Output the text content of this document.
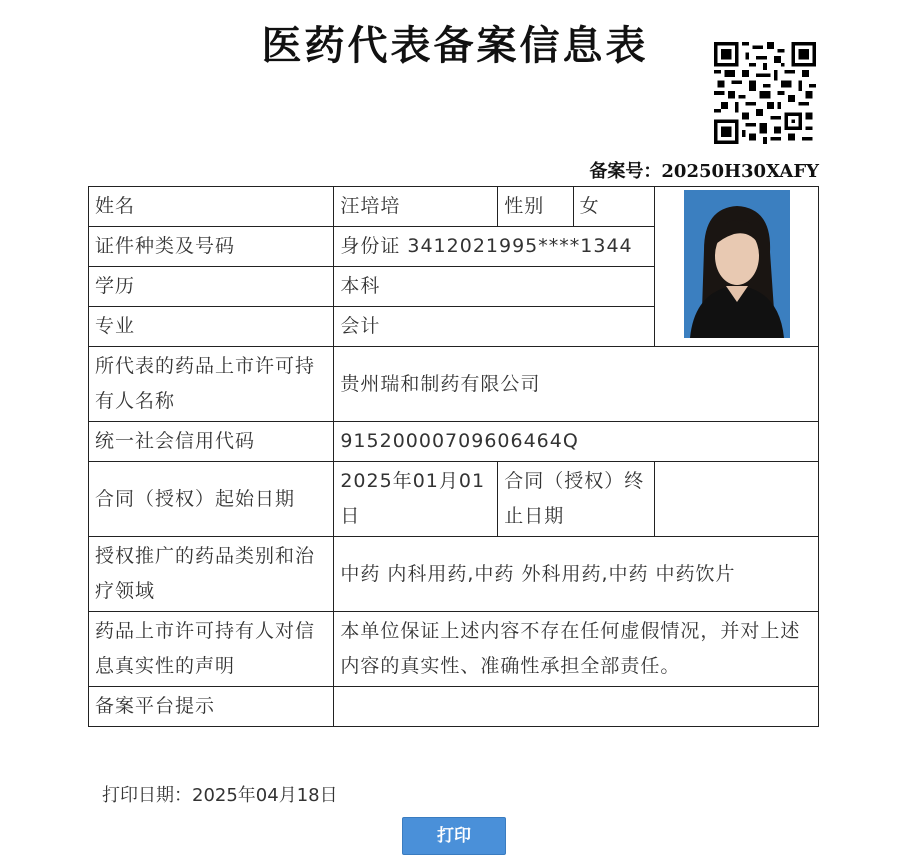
医药代表备案信息表
备案号：20250H30XAFY
姓名	汪培培	性别	女	

证件种类及号码	身份证 3412021995****1344			
学历	本科			
专业	会计			
所代表的药品上市许可持有人名称	贵州瑞和制药有限公司			
统一社会信用代码	91520000709606464Q			
合同（授权）起始日期	2025年01月01日	合同（授权）终止日期		
授权推广的药品类别和治疗领域	中药 内科用药,中药 外科用药,中药 中药饮片			
药品上市许可持有人对信息真实性的声明	本单位保证上述内容不存在任何虚假情况，并对上述内容的真实性、准确性承担全部责任。			
备案平台提示				
打印日期：2025年04月18日
打印
